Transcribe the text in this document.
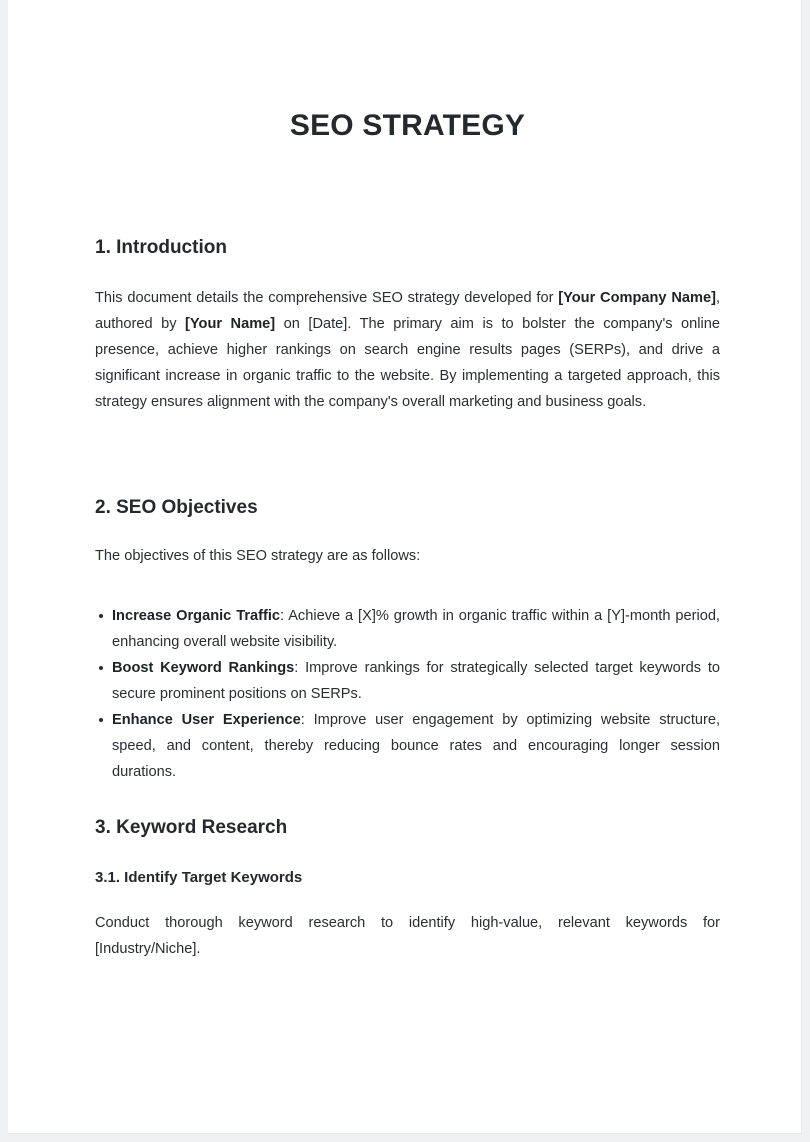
SEO STRATEGY
1. Introduction

This document details the comprehensive SEO strategy developed for [Your Company Name], authored by [Your Name] on [Date]. The primary aim is to bolster the company's online presence, achieve higher rankings on search engine results pages (SERPs), and drive a significant increase in organic traffic to the website. By implementing a targeted approach, this strategy ensures alignment with the company's overall marketing and business goals.

2. SEO Objectives

The objectives of this SEO strategy are as follows:

Increase Organic Traffic: Achieve a [X]% growth in organic traffic within a [Y]-month period, enhancing overall website visibility.
Boost Keyword Rankings: Improve rankings for strategically selected target keywords to secure prominent positions on SERPs.
Enhance User Experience: Improve user engagement by optimizing website structure, speed, and content, thereby reducing bounce rates and encouraging longer session durations.
3. Keyword Research
3.1. Identify Target Keywords

Conduct thorough keyword research to identify high-value, relevant keywords for [Industry/Niche].
